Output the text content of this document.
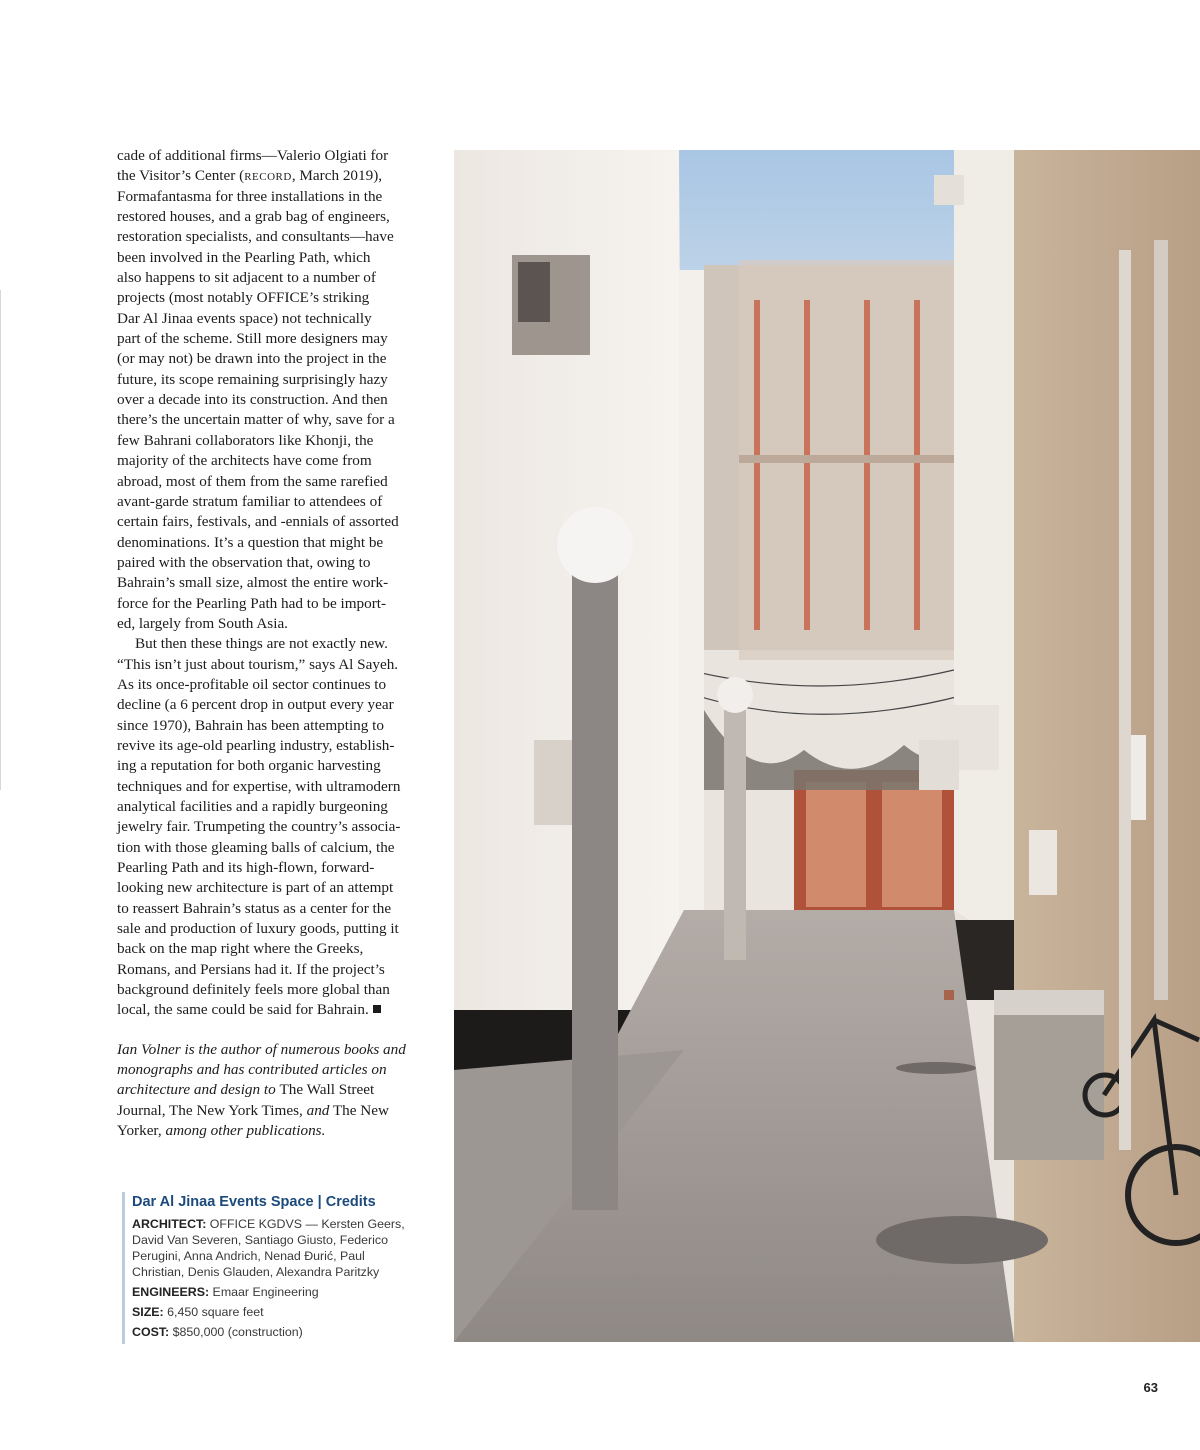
cade of additional firms—Valerio Olgiati for
the Visitor’s Center (record, March 2019),
Formafantasma for three installations in the
restored houses, and a grab bag of engineers,
restoration specialists, and consultants—have
been involved in the Pearling Path, which
also happens to sit adjacent to a number of
projects (most notably OFFICE’s striking
Dar Al Jinaa events space) not technically
part of the scheme. Still more designers may
(or may not) be drawn into the project in the
future, its scope remaining surprisingly hazy
over a decade into its construction. And then
there’s the uncertain matter of why, save for a
few Bahrani collaborators like Khonji, the
majority of the architects have come from
abroad, most of them from the same rarefied
avant-garde stratum familiar to attendees of
certain fairs, festivals, and -ennials of assorted
denominations. It’s a question that might be
paired with the observation that, owing to
Bahrain’s small size, almost the entire work-
force for the Pearling Path had to be import-
ed, largely from South Asia.
But then these things are not exactly new.
“This isn’t just about tourism,” says Al Sayeh.
As its once-profitable oil sector continues to
decline (a 6 percent drop in output every year
since 1970), Bahrain has been attempting to
revive its age-old pearling industry, establish-
ing a reputation for both organic harvesting
techniques and for expertise, with ultramodern
analytical facilities and a rapidly burgeoning
jewelry fair. Trumpeting the country’s associa-
tion with those gleaming balls of calcium, the
Pearling Path and its high-flown, forward-
looking new architecture is part of an attempt
to reassert Bahrain’s status as a center for the
sale and production of luxury goods, putting it
back on the map right where the Greeks,
Romans, and Persians had it. If the project’s
background definitely feels more global than
local, the same could be said for Bahrain.
Ian Volner is the author of numerous books and
monographs and has contributed articles on
architecture and design to The Wall Street
Journal, The New York Times, and The New
Yorker, among other publications.
Dar Al Jinaa Events Space | Credits
ARCHITECT: OFFICE KGDVS — Kersten Geers,
David Van Severen, Santiago Giusto, Federico
Perugini, Anna Andrich, Nenad Đurić, Paul
Christian, Denis Glauden, Alexandra Paritzky
ENGINEERS: Emaar Engineering
SIZE: 6,450 square feet
COST: $850,000 (construction)
63
